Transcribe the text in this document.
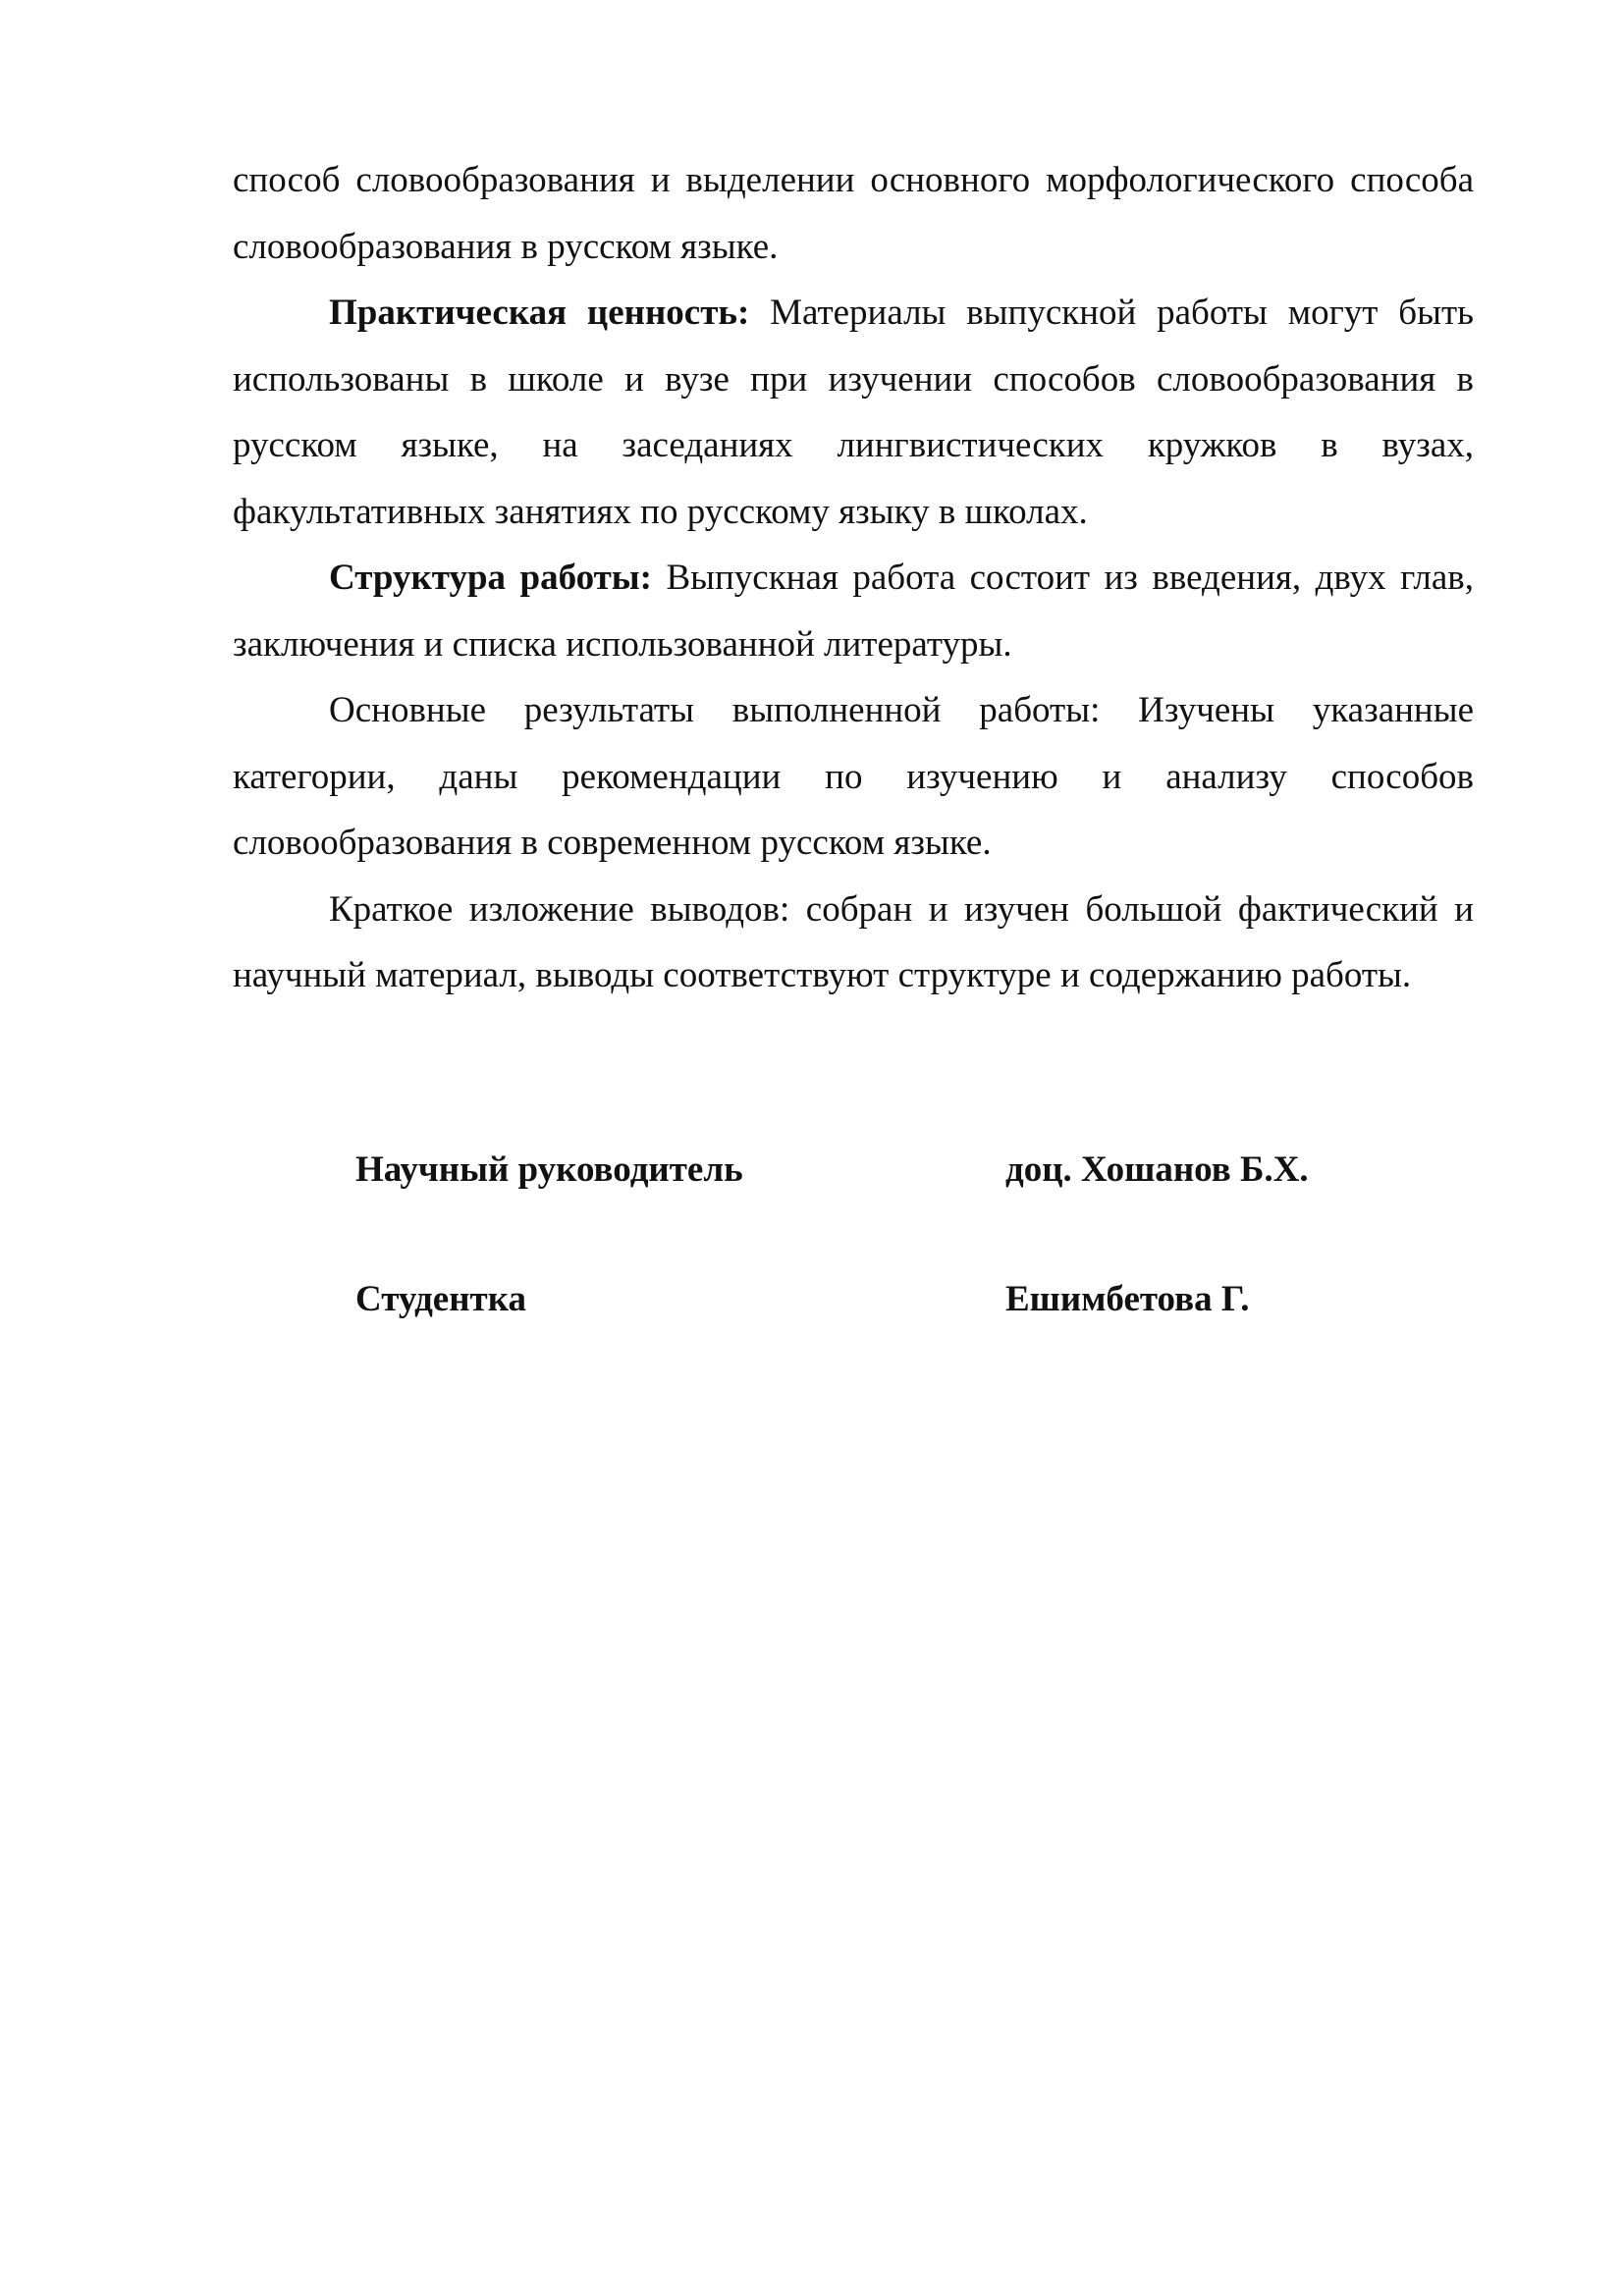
способ словообразования и выделении основного морфологического способа словообразования в русском языке.

Практическая ценность: Материалы выпускной работы могут быть использованы в школе и вузе при изучении способов словообразования в русском языке, на заседаниях лингвистических кружков в вузах, факультативных занятиях по русскому языку в школах.

Структура работы: Выпускная работа состоит из введения, двух глав, заключения и списка использованной литературы.

Основные результаты выполненной работы: Изучены указанные категории, даны рекомендации по изучению и анализу способов словообразования в современном русском языке.

Краткое изложение выводов: собран и изучен большой фактический и научный материал, выводы соответствуют структуре и содержанию работы.

Научный руководитель	доц. Хошанов Б.Х.
Студентка	Ешимбетова Г.
